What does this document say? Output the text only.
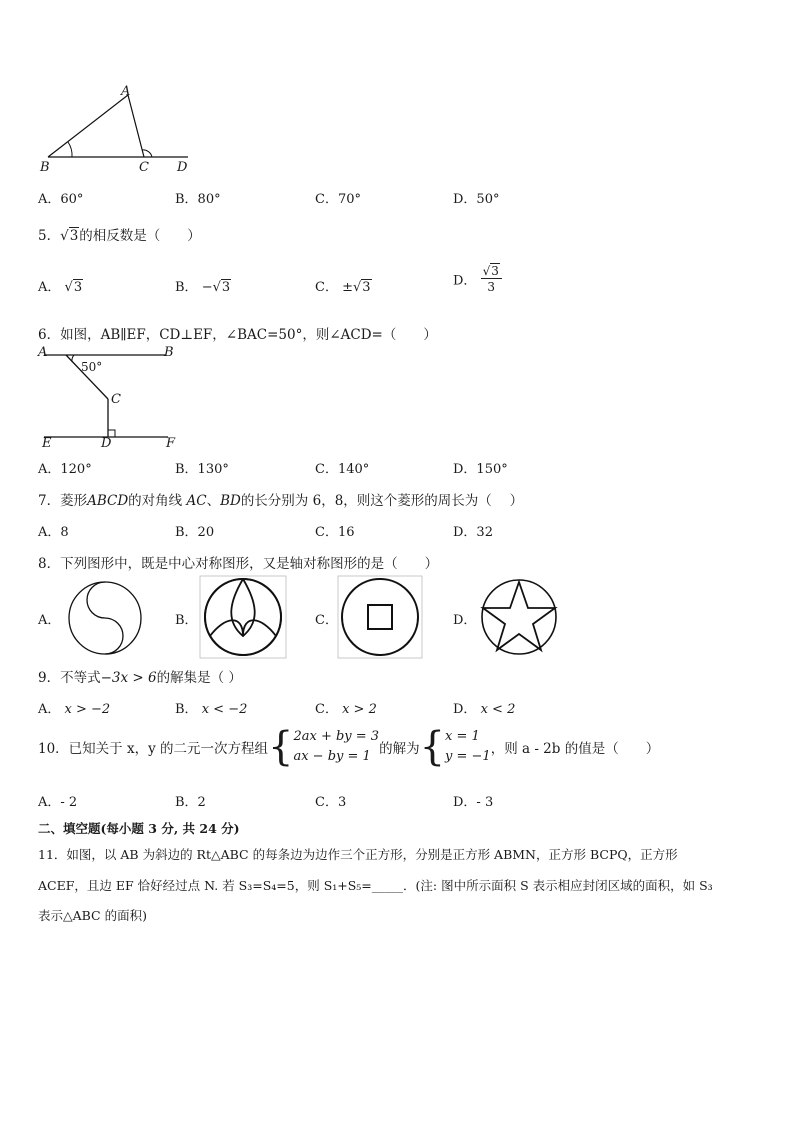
A
B	C D
A．60°	B．80°	C．70°	D．50°
5．√3的相反数是（　　）
A． √3	B． −√3	C． ±√3	D． $\frac{√3}{3}$
6．如图，AB∥EF，CD⊥EF，∠BAC=50°，则∠ACD=（　　）
A	B
50°
C
E	D	F
A．120°	B．130°	C．140°	D．150°
7．菱形ABCD的对角线 AC、BD的长分别为 6，8，则这个菱形的周长为（　 ）
A．8	B．20	C．16	D．32
8．下列图形中，既是中心对称图形，又是轴对称图形的是（　　）
A．	B．	C．	D．
9．不等式−3x > 6的解集是（ ）
A． x > −2	B． x < −2	C． x > 2	D． x < 2
10．已知关于 x，y 的二元一次方程组{2ax + by = 3
ax − by = 1 的解为{x = 1
y = −1，则 a - 2b 的值是（　　）
A．- 2	B．2	C．3	D．- 3
二、填空题(每小题 3 分, 共 24 分)
11．如图，以 AB 为斜边的 Rt△ABC 的每条边为边作三个正方形，分别是正方形 ABMN，正方形 BCPQ，正方形
ACEF，且边 EF 恰好经过点 N. 若 S₃=S₄=5，则 S₁+S₅=_____．(注: 图中所示面积 S 表示相应封闭区域的面积，如 S₃
表示△ABC 的面积)
